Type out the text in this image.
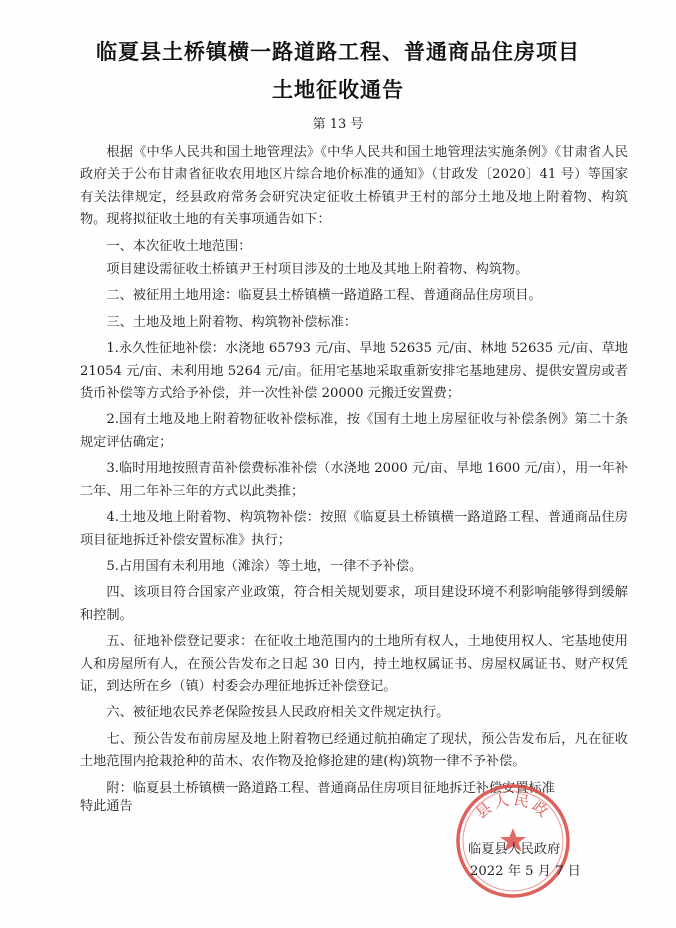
临夏县土桥镇横一路道路工程、普通商品住房项目
土地征收通告
第 13 号

根据《中华人民共和国土地管理法》《中华人民共和国土地管理法实施条例》《甘肃省人民政府关于公布甘肃省征收农用地区片综合地价标准的通知》（甘政发〔2020〕41 号）等国家有关法律规定，经县政府常务会研究决定征收土桥镇尹王村的部分土地及地上附着物、构筑物。现将拟征收土地的有关事项通告如下：

一、本次征收土地范围：

项目建设需征收土桥镇尹王村项目涉及的土地及其地上附着物、构筑物。

二、被征用土地用途：临夏县土桥镇横一路道路工程、普通商品住房项目。

三、土地及地上附着物、构筑物补偿标准：

1.永久性征地补偿：水浇地 65793 元/亩、旱地 52635 元/亩、林地 52635 元/亩、草地 21054 元/亩、未利用地 5264 元/亩。征用宅基地采取重新安排宅基地建房、提供安置房或者货币补偿等方式给予补偿，并一次性补偿 20000 元搬迁安置费；

2.国有土地及地上附着物征收补偿标准，按《国有土地上房屋征收与补偿条例》第二十条规定评估确定；

3.临时用地按照青苗补偿费标准补偿（水浇地 2000 元/亩、旱地 1600 元/亩），用一年补二年、用二年补三年的方式以此类推；

4.土地及地上附着物、构筑物补偿：按照《临夏县土桥镇横一路道路工程、普通商品住房项目征地拆迁补偿安置标准》执行；

5.占用国有未利用地（滩涂）等土地，一律不予补偿。

四、该项目符合国家产业政策，符合相关规划要求，项目建设环境不利影响能够得到缓解和控制。

五、征地补偿登记要求：在征收土地范围内的土地所有权人，土地使用权人、宅基地使用人和房屋所有人，在预公告发布之日起 30 日内，持土地权属证书、房屋权属证书、财产权凭证，到达所在乡（镇）村委会办理征地拆迁补偿登记。

六、被征地农民养老保险按县人民政府相关文件规定执行。

七、预公告发布前房屋及地上附着物已经通过航拍确定了现状，预公告发布后，凡在征收土地范围内抢栽抢种的苗木、农作物及抢修抢建的建(构)筑物一律不予补偿。

附：临夏县土桥镇横一路道路工程、普通商品住房项目征地拆迁补偿安置标准

特此通告	县人民政
临夏县人民政府
2022 年 5 月 7 日
